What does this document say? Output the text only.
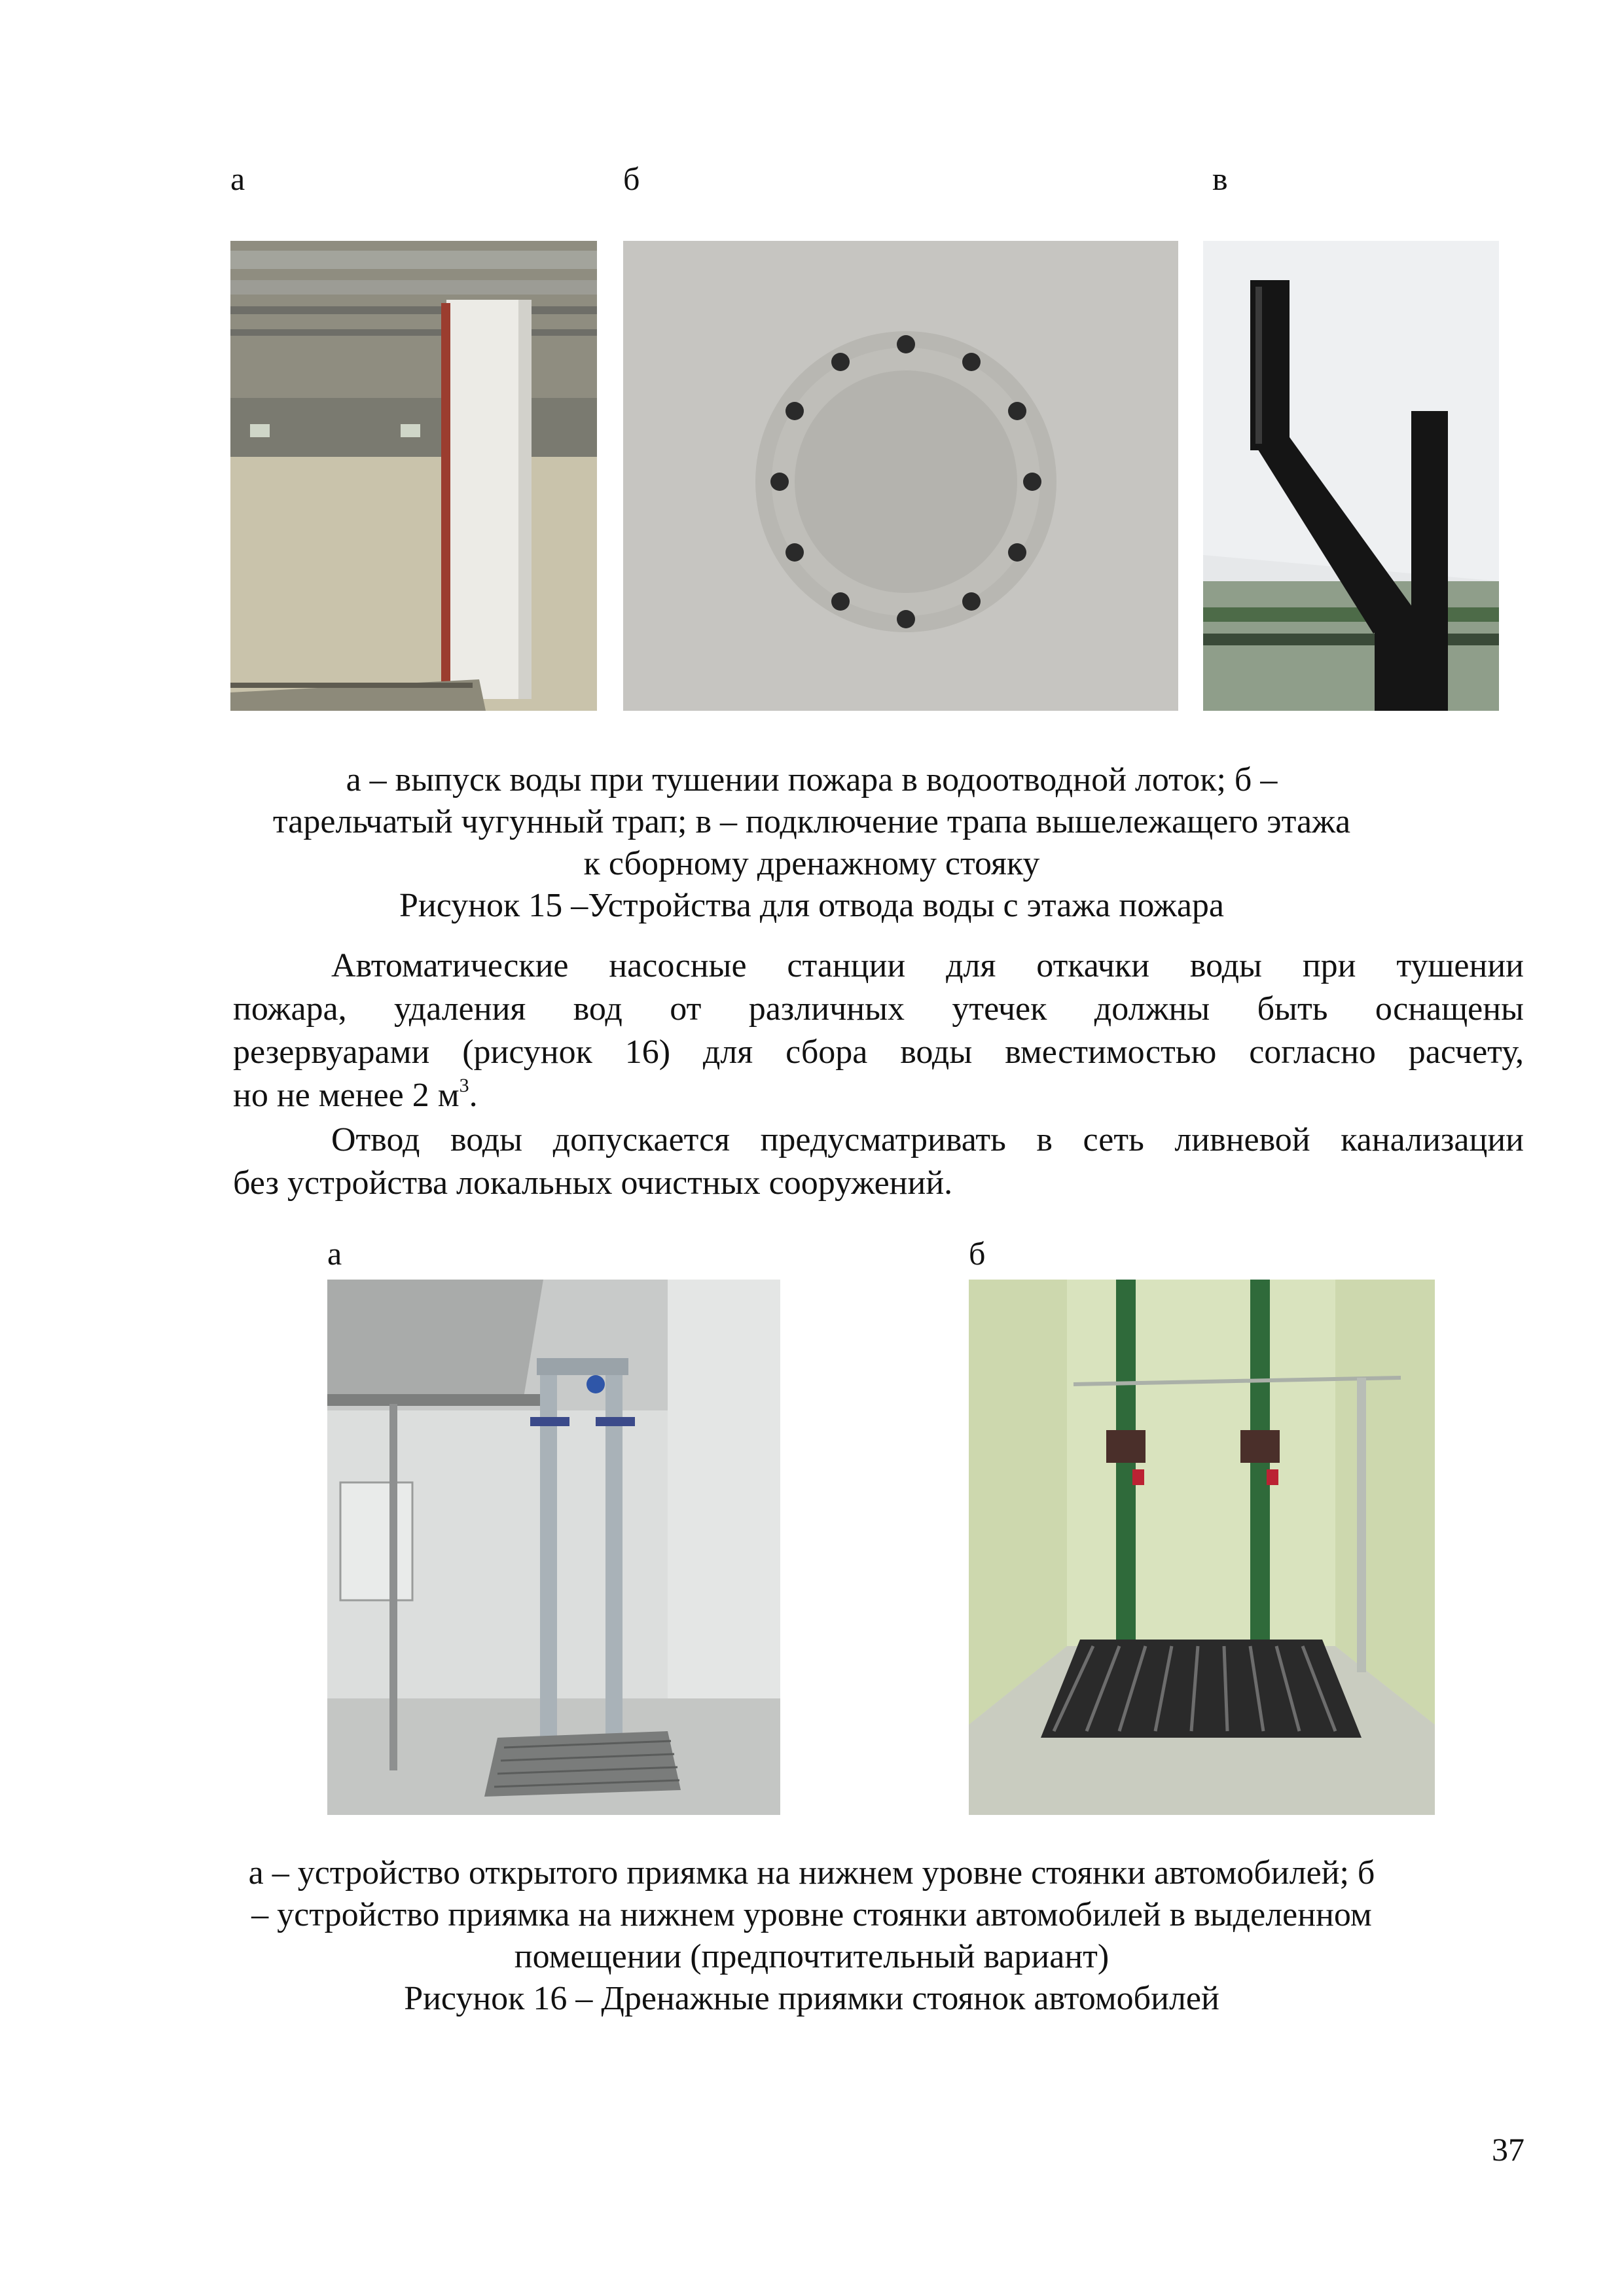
а	б	в
а – выпуск воды при тушении пожара в водоотводной лоток; б –
тарельчатый чугунный трап; в – подключение трапа вышележащего этажа
к сборному дренажному стояку
Рисунок 15 –Устройства для отвода воды с этажа пожара
Автоматические насосные станции для откачки воды при тушении
пожара, удаления вод от различных утечек должны быть оснащены
резервуарами (рисунок 16) для сбора воды вместимостью согласно расчету,
но не менее 2 $м^3$.
Отвод воды допускается предусматривать в сеть ливневой канализации
без устройства локальных очистных сооружений.
а	б
а – устройство открытого приямка на нижнем уровне стоянки автомобилей; б
– устройство приямка на нижнем уровне стоянки автомобилей в выделенном
помещении (предпочтительный вариант)
Рисунок 16 – Дренажные приямки стоянок автомобилей
37
